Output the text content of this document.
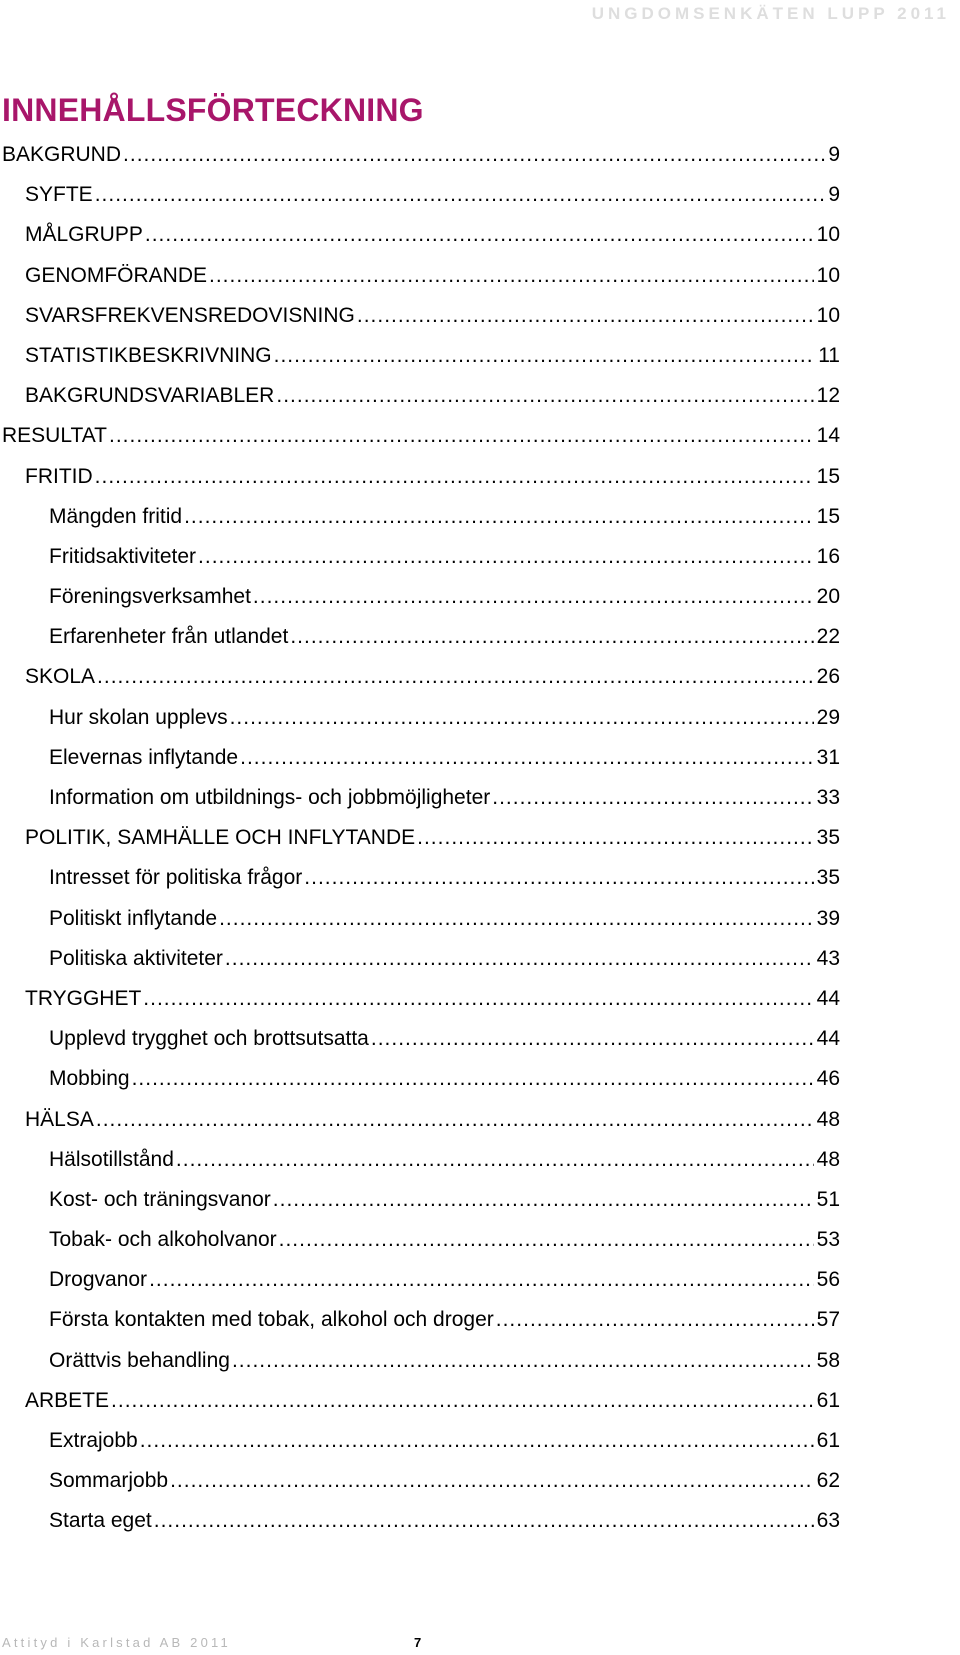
UNGDOMSENKÄTEN LUPP 2011
INNEHÅLLSFÖRTECKNING
BAKGRUND .....	9
SYFTE .....	9
MÅLGRUPP .....	10
GENOMFÖRANDE .....	10
SVARSFREKVENSREDOVISNING .....	10
STATISTIKBESKRIVNING .....	11
BAKGRUNDSVARIABLER .....	12
RESULTAT .....	14
FRITID .....	15
Mängden fritid .....	15
Fritidsaktiviteter .....	16
Föreningsverksamhet .....	20
Erfarenheter från utlandet .....	22
SKOLA .....	26
Hur skolan upplevs .....	29
Elevernas inflytande .....	31
Information om utbildnings- och jobbmöjligheter .....	33
POLITIK, SAMHÄLLE OCH INFLYTANDE .....	35
Intresset för politiska frågor .....	35
Politiskt inflytande .....	39
Politiska aktiviteter .....	43
TRYGGHET .....	44
Upplevd trygghet och brottsutsatta .....	44
Mobbing .....	46
HÄLSA .....	48
Hälsotillstånd .....	48
Kost- och träningsvanor .....	51
Tobak- och alkoholvanor .....	53
Drogvanor .....	56
Första kontakten med tobak, alkohol och droger .....	57
Orättvis behandling .....	58
ARBETE .....	61
Extrajobb .....	61
Sommarjobb .....	62
Starta eget .....	63
Attityd i Karlstad AB 2011	7
